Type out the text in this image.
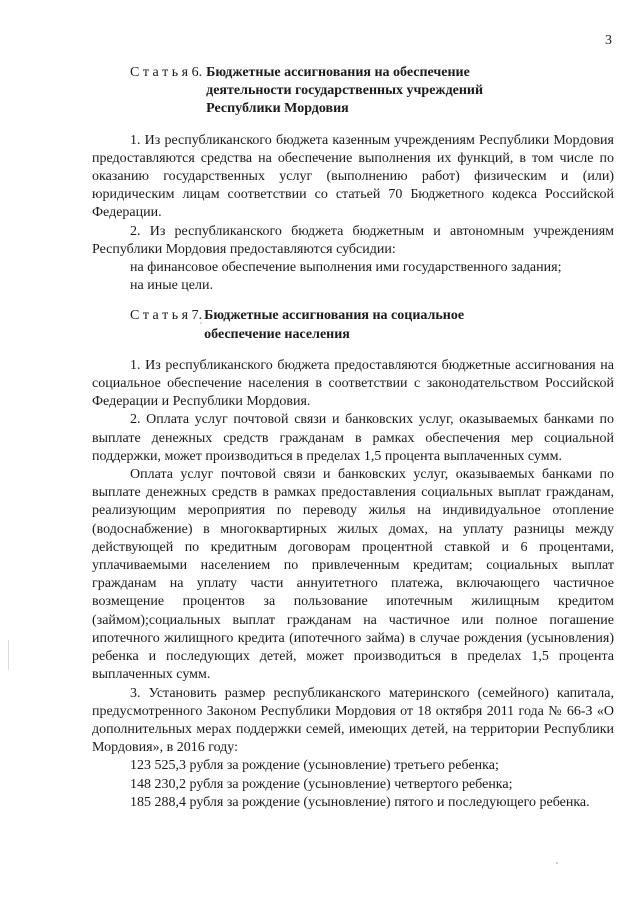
3
С т а т ь я 6. Бюджетные ассигнования на обеспечение
деятельности государственных учреждений
Республики Мордовия

1. Из республиканского бюджета казенным учреждениям Республики Мордовия предоставляются средства на обеспечение выполнения их функций, в том числе по оказанию государственных услуг (выполнению работ) физическим и (или) юридическим лицам соответствии со статьей 70 Бюджетного кодекса Российской Федерации.

2. Из республиканского бюджета бюджетным и автономным учреждениям Республики Мордовия предоставляются субсидии:

на финансовое обеспечение выполнения ими государственного задания;

на иные цели.

С т а т ь я 7. Бюджетные ассигнования на социальное
обеспечение населения

1. Из республиканского бюджета предоставляются бюджетные ассигнования на социальное обеспечение населения в соответствии с законодательством Российской Федерации и Республики Мордовия.

2. Оплата услуг почтовой связи и банковских услуг, оказываемых банками по выплате денежных средств гражданам в рамках обеспечения мер социальной поддержки, может производиться в пределах 1,5 процента выплаченных сумм.

Оплата услуг почтовой связи и банковских услуг, оказываемых банками по выплате денежных средств в рамках предоставления социальных выплат гражданам, реализующим мероприятия по переводу жилья на индивидуальное отопление (водоснабжение) в многоквартирных жилых домах, на уплату разницы между действующей по кредитным договорам процентной ставкой и 6 процентами, уплачиваемыми населением по привлеченным кредитам; социальных выплат гражданам на уплату части аннуитетного платежа, включающего частичное возмещение процентов за пользование ипотечным жилищным кредитом (займом);социальных выплат гражданам на частичное или полное погашение ипотечного жилищного кредита (ипотечного займа) в случае рождения (усыновления) ребенка и последующих детей, может производиться в пределах 1,5 процента выплаченных сумм.

3. Установить размер республиканского материнского (семейного) капитала, предусмотренного Законом Республики Мордовия от 18 октября 2011 года № 66-З «О дополнительных мерах поддержки семей, имеющих детей, на территории Республики Мордовия», в 2016 году:

123 525,3 рубля за рождение (усыновление) третьего ребенка;

148 230,2 рубля за рождение (усыновление) четвертого ребенка;

185 288,4 рубля за рождение (усыновление) пятого и последующего ребенка.
